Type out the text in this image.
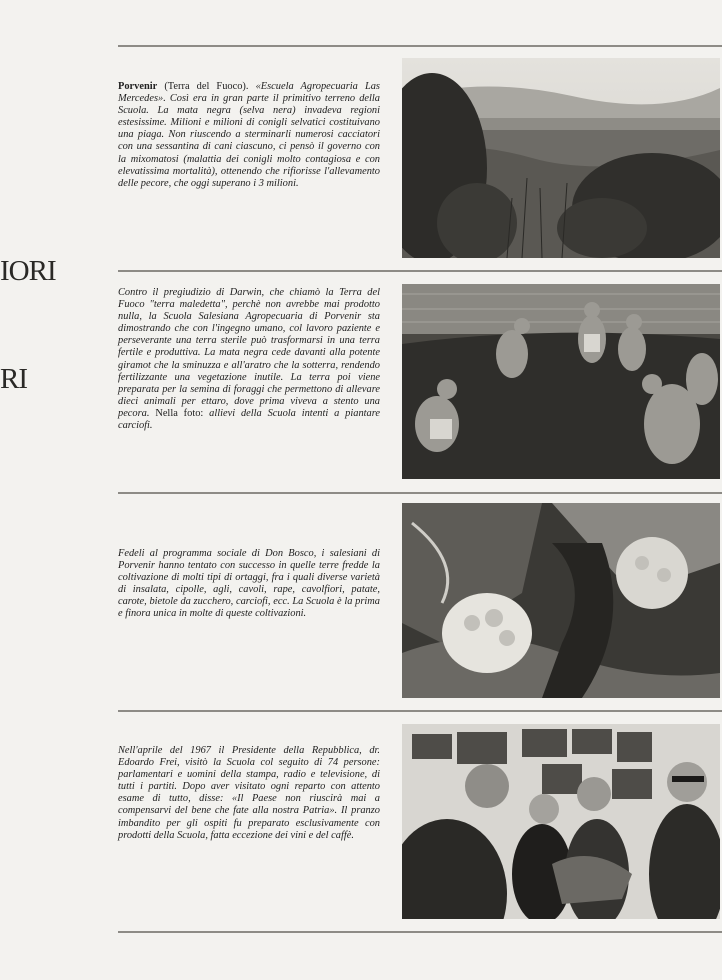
IORI
RI
Porvenir (Terra del Fuoco). «Escuela Agropecuaria Las Mercedes». Così era in gran parte il primitivo terreno della Scuola. La mata negra (selva nera) invadeva regioni estesissime. Milioni e milioni di conigli selvatici costituivano una piaga. Non riuscendo a sterminarli numerosi cacciatori con una sessantina di cani ciascuno, ci pensò il governo con la mixomatosi (malattia dei conigli molto contagiosa e con elevatissima mortalità), ottenendo che rifiorisse l'allevamento delle pecore, che oggi superano i 3 milioni.
Contro il pregiudizio di Darwin, che chiamò la Terra del Fuoco "terra maledetta", perchè non avrebbe mai prodotto nulla, la Scuola Salesiana Agropecuaria di Porvenir sta dimostrando che con l'ingegno umano, col lavoro paziente e perseverante una terra sterile può trasformarsi in una terra fertile e produttiva. La mata negra cede davanti alla potente giramot che la sminuzza e all'aratro che la sotterra, rendendo fertilizzante una vegetazione inutile. La terra poi viene preparata per la semina di foraggi che permettono di allevare dieci animali per ettaro, dove prima viveva a stento una pecora. Nella foto: allievi della Scuola intenti a piantare carciofi.
Fedeli al programma sociale di Don Bosco, i salesiani di Porvenir hanno tentato con successo in quelle terre fredde la coltivazione di molti tipi di ortaggi, fra i quali diverse varietà di insalata, cipolle, agli, cavoli, rape, cavolfiori, patate, carote, bietole da zucchero, carciofi, ecc. La Scuola è la prima e finora unica in molte di queste coltivazioni.
Nell'aprile del 1967 il Presidente della Repubblica, dr. Edoardo Frei, visitò la Scuola col seguito di 74 persone: parlamentari e uomini della stampa, radio e televisione, di tutti i partiti. Dopo aver visitato ogni reparto con attento esame di tutto, disse: «Il Paese non riuscirà mai a compensarvi del bene che fate alla nostra Patria». Il pranzo imbandito per gli ospiti fu preparato esclusivamente con prodotti della Scuola, fatta eccezione dei vini e del caffè.
